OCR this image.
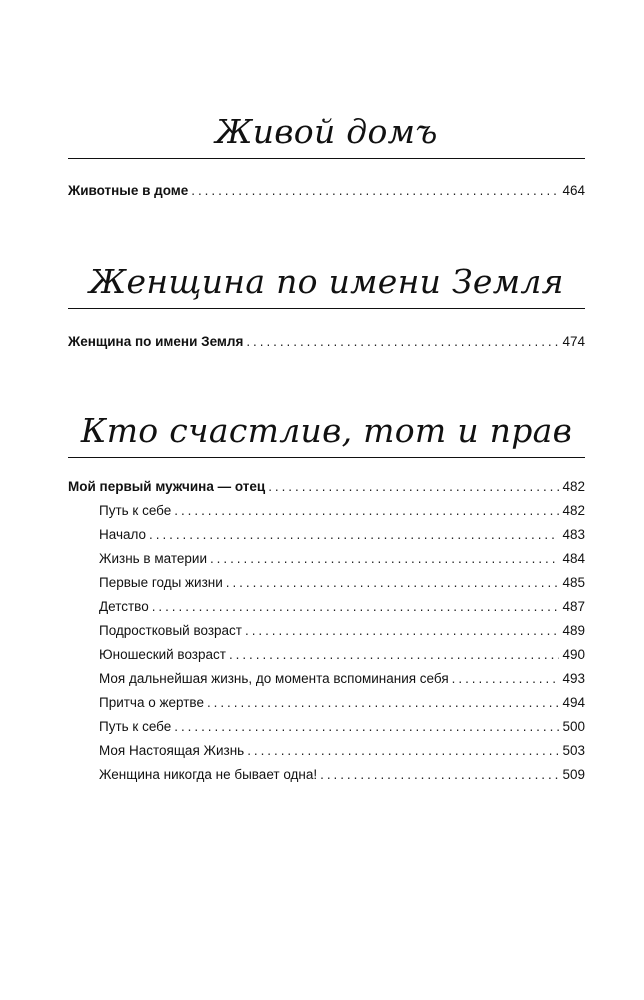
Живой домъ
Животные в доме . . .	464
Женщина по имени Земля
Женщина по имени Земля . . .	474
Кто счастлив, тот и прав
Мой первый мужчина — отец . . .	482
Путь к себе . . .	482
Начало . . .	483
Жизнь в материи . . .	484
Первые годы жизни . . .	485
Детство . . .	487
Подростковый возраст . . .	489
Юношеский возраст . . .	490
Моя дальнейшая жизнь, до момента вспоминания себя . . .	493
Притча о жертве . . .	494
Путь к себе . . .	500
Моя Настоящая Жизнь . . .	503
Женщина никогда не бывает одна! . . .	509
